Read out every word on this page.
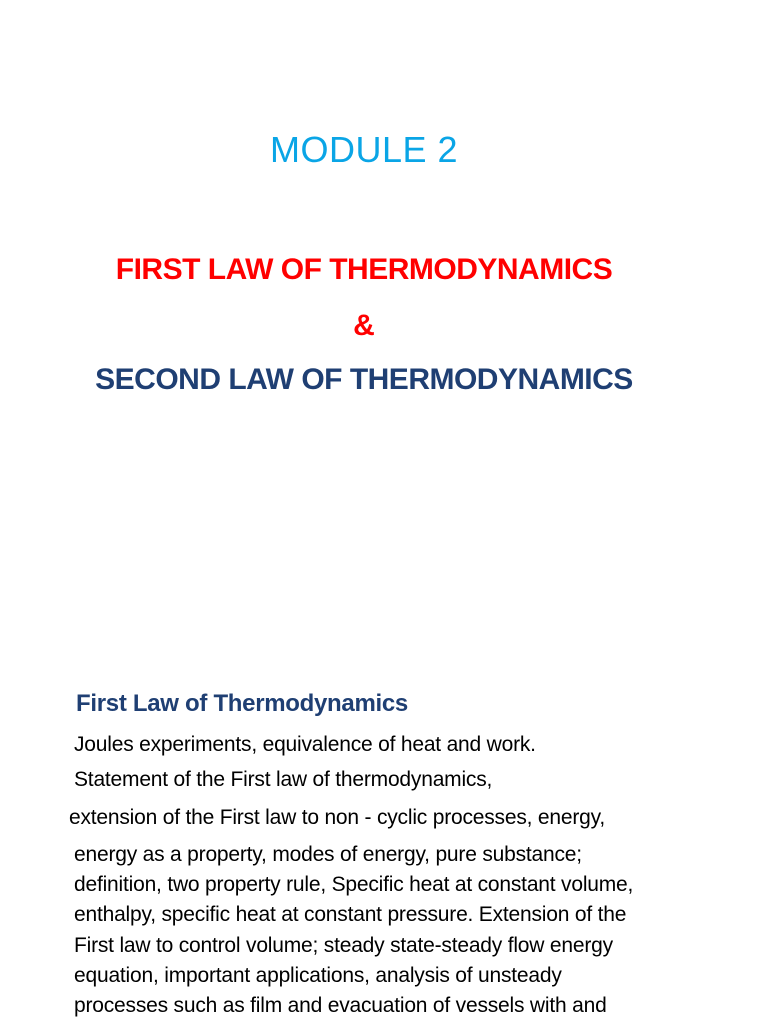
MODULE 2
FIRST LAW OF THERMODYNAMICS
&
SECOND LAW OF THERMODYNAMICS
First Law of Thermodynamics

Joules experiments, equivalence of heat and work.

Statement of the First law of thermodynamics,

extension of the First law to non - cyclic processes, energy,

energy as a property, modes of energy, pure substance;

definition, two property rule, Specific heat at constant volume,

enthalpy, specific heat at constant pressure. Extension of the

First law to control volume; steady state-steady flow energy

equation, important applications, analysis of unsteady

processes such as film and evacuation of vessels with and
